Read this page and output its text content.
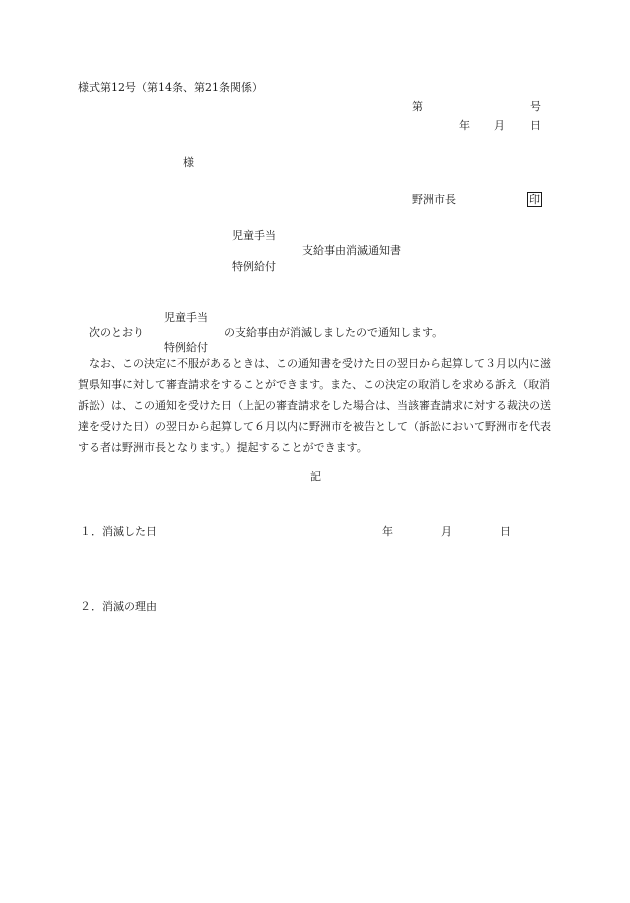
様式第12号（第14条、第21条関係）
第	号
年 月 日
様
野洲市長	印
児童手当
支給事由消滅通知書
特例給付
児童手当
次のとおり	の支給事由が消滅しましたので通知します。
特例給付
なお、この決定に不服があるときは、この通知書を受けた日の翌日から起算して３月以内に滋賀県知事に対して審査請求をすることができます。また、この決定の取消しを求める訴え（取消訴訟）は、この通知を受けた日（上記の審査請求をした場合は、当該審査請求に対する裁決の送達を受けた日）の翌日から起算して６月以内に野洲市を被告として（訴訟において野洲市を代表する者は野洲市長となります。）提起することができます。
記
１．消滅した日	年	月	日
２．消滅の理由
